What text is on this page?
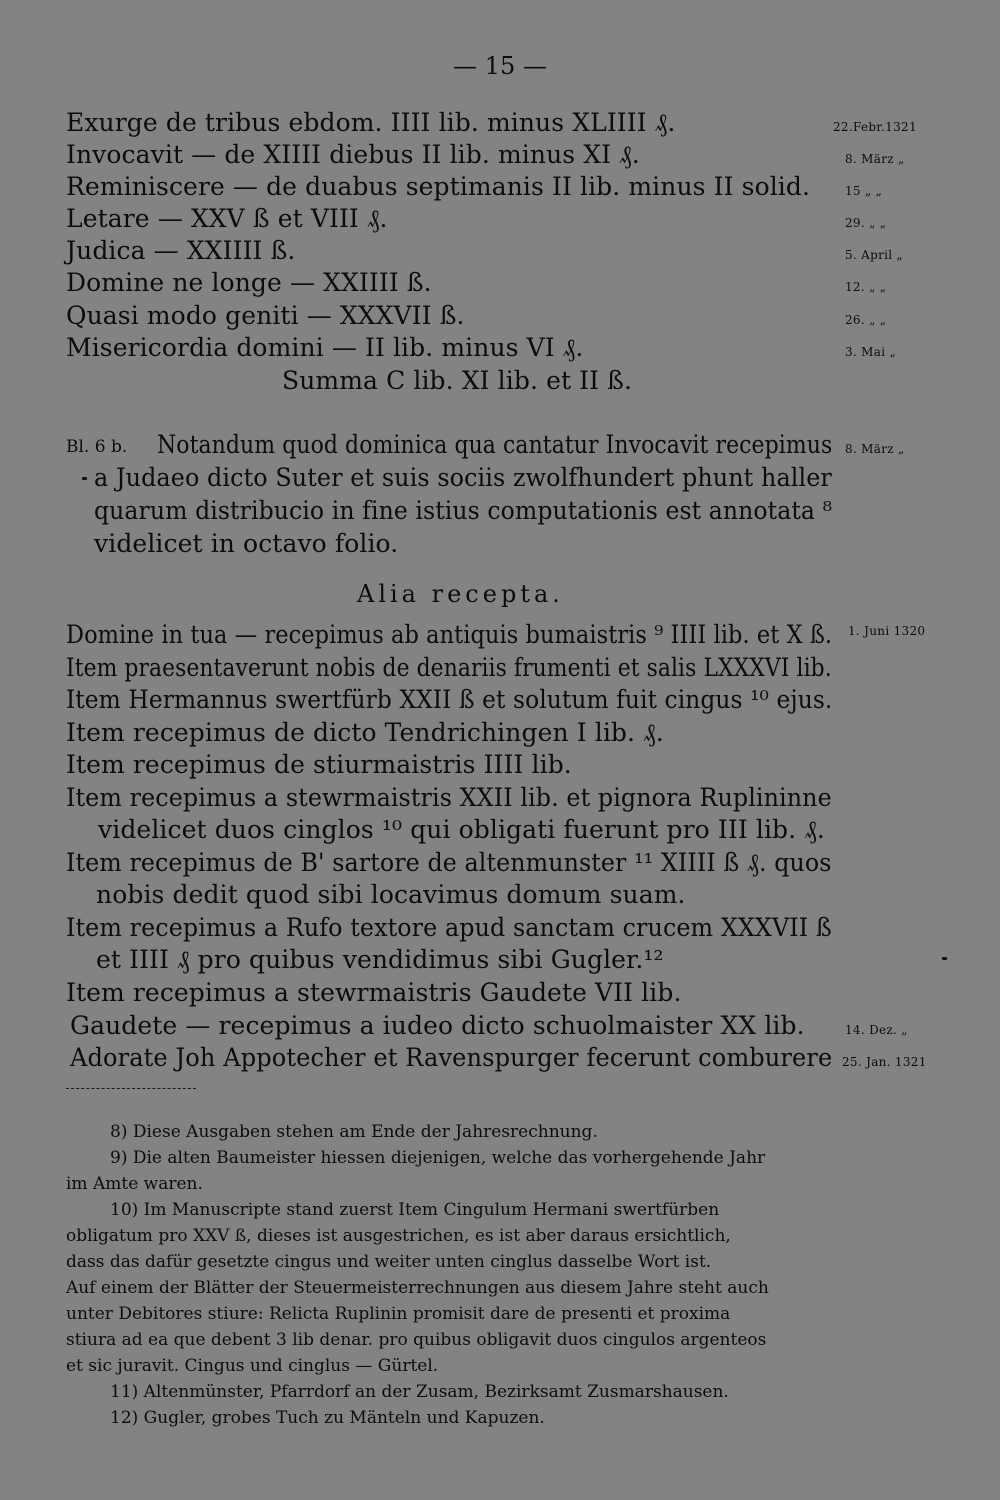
— 15 —
Exurge de tribus ebdom. IIII lib. minus XLIIII ₰.	22.Febr.1321
Invocavit — de XIIII diebus II lib. minus XI ₰.	8. März „
Reminiscere — de duabus septimanis II lib. minus II solid.	15 „ „
Letare — XXV ß et VIII ₰.	29. „ „
Judica — XXIIII ß.	5. April „
Domine ne longe — XXIIII ß.	12. „ „
Quasi modo geniti — XXXVII ß.	26. „ „
Misericordia domini — II lib. minus VI ₰.	3. Mai „
Summa C lib. XI lib. et II ß.
Bl. 6 b. Notandum quod dominica qua cantatur Invocavit recepimus 8. März „
a Judaeo dicto Suter et suis sociis zwolfhundert phunt haller
quarum distribucio in fine istius computationis est annotata ⁸
videlicet in octavo folio.
Alia recepta.
Domine in tua — recepimus ab antiquis bumaistris ⁹ IIII lib. et X ß. 1. Juni 1320
Item praesentaverunt nobis de denariis frumenti et salis LXXXVI lib.
Item Hermannus swertfürb XXII ß et solutum fuit cingus ¹⁰ ejus.
Item recepimus de dicto Tendrichingen I lib. ₰.
Item recepimus de stiurmaistris IIII lib.
Item recepimus a stewrmaistris XXII lib. et pignora Ruplininne
videlicet duos cinglos ¹⁰ qui obligati fuerunt pro III lib. ₰.
Item recepimus de B' sartore de altenmunster ¹¹ XIIII ß ₰. quos
nobis dedit quod sibi locavimus domum suam.
Item recepimus a Rufo textore apud sanctam crucem XXXVII ß
et IIII ₰ pro quibus vendidimus sibi Gugler.¹²
Item recepimus a stewrmaistris Gaudete VII lib.
Gaudete — recepimus a iudeo dicto schuolmaister XX lib.	14. Dez. „
Adorate Joh Appotecher et Ravenspurger fecerunt comburere 25. Jan. 1321
8) Diese Ausgaben stehen am Ende der Jahresrechnung.
9) Die alten Baumeister hiessen diejenigen, welche das vorhergehende Jahr
im Amte waren.
10) Im Manuscripte stand zuerst Item Cingulum Hermani swertfürben
obligatum pro XXV ß, dieses ist ausgestrichen, es ist aber daraus ersichtlich,
dass das dafür gesetzte cingus und weiter unten cinglus dasselbe Wort ist.
Auf einem der Blätter der Steuermeisterrechnungen aus diesem Jahre steht auch
unter Debitores stiure: Relicta Ruplinin promisit dare de presenti et proxima
stiura ad ea que debent 3 lib denar. pro quibus obligavit duos cingulos argenteos
et sic juravit. Cingus und cinglus — Gürtel.
11) Altenmünster, Pfarrdorf an der Zusam, Bezirksamt Zusmarshausen.
12) Gugler, grobes Tuch zu Mänteln und Kapuzen.
